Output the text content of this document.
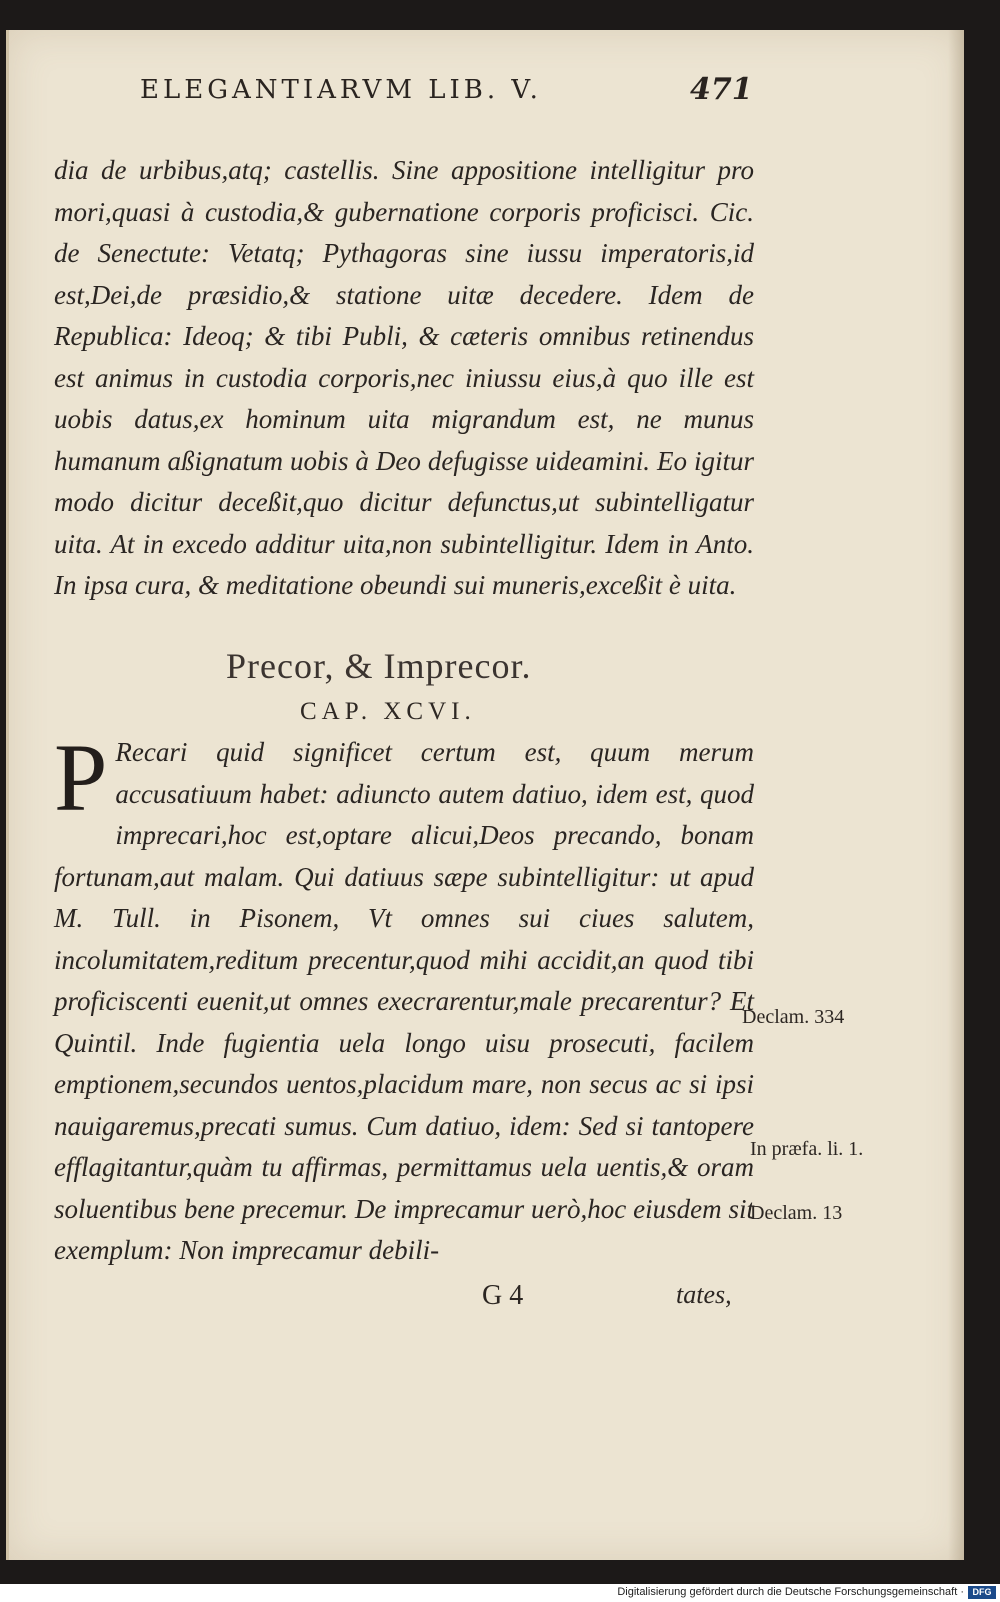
ELEGANTIARVM LIB. V.	471

dia de urbibus,atq; castellis. Sine appositione intelligitur pro mori,quasi à custodia,& gubernatione corporis proficisci. Cic. de Senectute: Vetatq; Pythagoras sine iussu imperatoris,id est,Dei,de præsidio,& statione uitæ decedere. Idem de Republica: Ideoq; & tibi Publi, & cæteris omnibus retinendus est animus in custodia corporis,nec iniussu eius,à quo ille est uobis datus,ex hominum uita migrandum est, ne munus humanum aßignatum uobis à Deo defugisse uideamini. Eo igitur modo dicitur deceßit,quo dicitur defunctus,ut subintelligatur uita. At in excedo additur uita,non subintelligitur. Idem in Anto. In ipsa cura, & meditatione obeundi sui muneris,exceßit è uita.

Precor, & Imprecor.
CAP. XCVI.

P Recari quid significet certum est, quum merum accusatiuum habet: adiuncto autem datiuo, idem est, quod imprecari,hoc est,optare alicui,Deos precando, bonam fortunam,aut malam. Qui datiuus sæpe subintelligitur: ut apud M. Tull. in Pisonem, Vt omnes sui ciues salutem, incolumitatem,reditum precentur,quod mihi accidit,an quod tibi proficiscenti euenit,ut omnes execrarentur,male precarentur? Et Quintil. Inde fugientia uela longo uisu prosecuti, facilem emptionem,secundos uentos,placidum mare, non secus ac si ipsi nauigaremus,precati sumus. Cum datiuo, idem: Sed si tantopere efflagitantur,quàm tu affirmas, permittamus uela uentis,& oram soluentibus bene precemur. De imprecamur uerò,hoc eiusdem sit exemplum: Non imprecamur debili-

Declam. 334
In præfa. li. 1.
Declam. 13
G 4	tates,
Digitalisierung gefördert durch die Deutsche Forschungsgemeinschaft · DFG
